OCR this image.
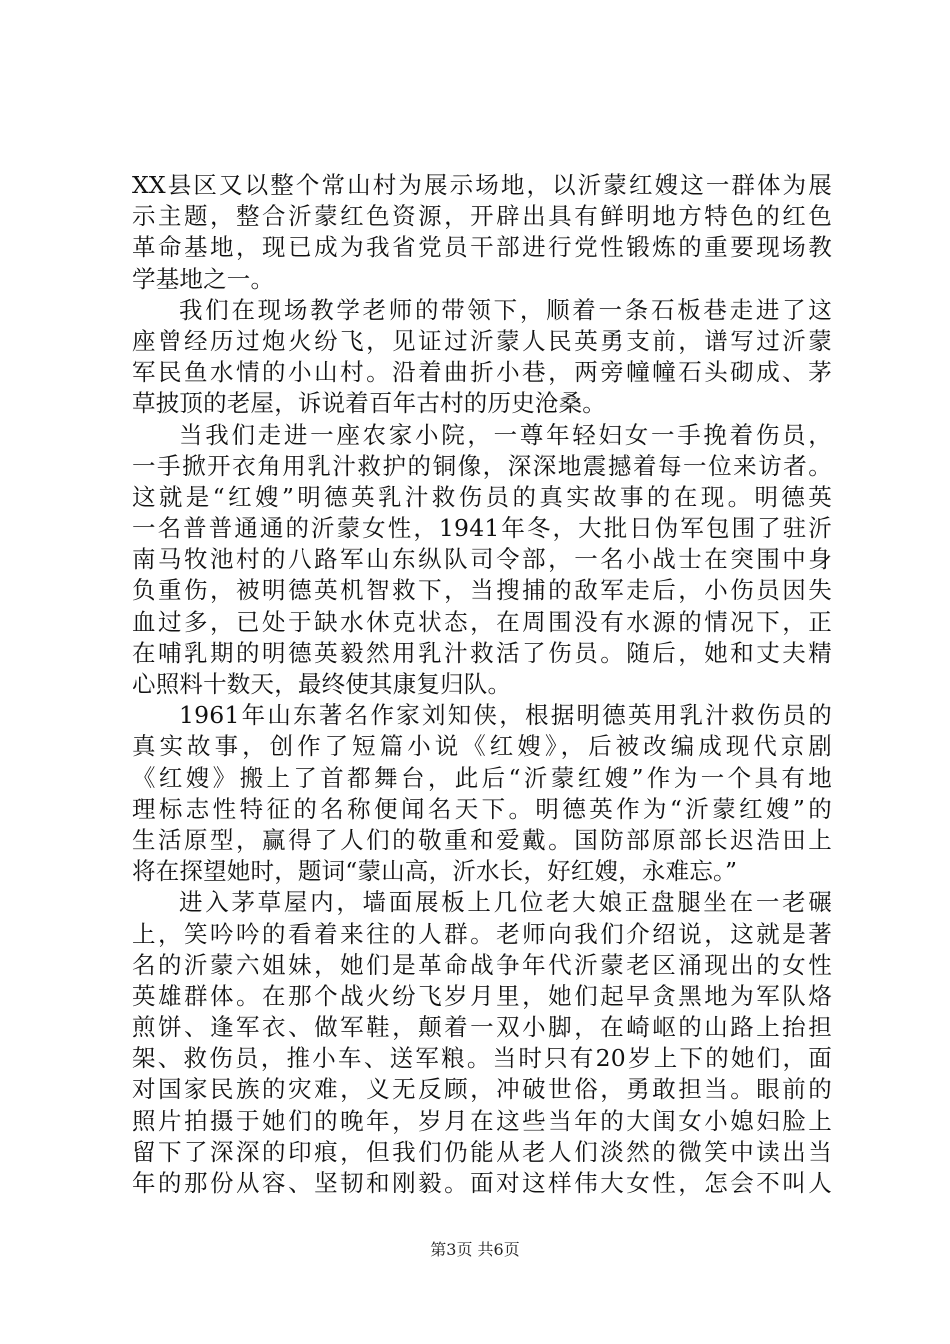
XX县区又以整个常山村为展示场地，以沂蒙红嫂这一群体为展
示主题，整合沂蒙红色资源，开辟出具有鲜明地方特色的红色
革命基地，现已成为我省党员干部进行党性锻炼的重要现场教
学基地之一。
我们在现场教学老师的带领下，顺着一条石板巷走进了这
座曾经历过炮火纷飞，见证过沂蒙人民英勇支前，谱写过沂蒙
军民鱼水情的小山村。沿着曲折小巷，两旁幢幢石头砌成、茅
草披顶的老屋，诉说着百年古村的历史沧桑。
当我们走进一座农家小院，一尊年轻妇女一手挽着伤员，
一手掀开衣角用乳汁救护的铜像，深深地震撼着每一位来访者。
这就是“红嫂”明德英乳汁救伤员的真实故事的在现。明德英
一名普普通通的沂蒙女性，1941年冬，大批日伪军包围了驻沂
南马牧池村的八路军山东纵队司令部，一名小战士在突围中身
负重伤，被明德英机智救下，当搜捕的敌军走后，小伤员因失
血过多，已处于缺水休克状态，在周围没有水源的情况下，正
在哺乳期的明德英毅然用乳汁救活了伤员。随后，她和丈夫精
心照料十数天，最终使其康复归队。
1961年山东著名作家刘知侠，根据明德英用乳汁救伤员的
真实故事，创作了短篇小说《红嫂》，后被改编成现代京剧
《红嫂》搬上了首都舞台，此后“沂蒙红嫂”作为一个具有地
理标志性特征的名称便闻名天下。明德英作为“沂蒙红嫂”的
生活原型，赢得了人们的敬重和爱戴。国防部原部长迟浩田上
将在探望她时，题词“蒙山高，沂水长，好红嫂，永难忘。”
进入茅草屋内，墙面展板上几位老大娘正盘腿坐在一老碾
上，笑吟吟的看着来往的人群。老师向我们介绍说，这就是著
名的沂蒙六姐妹，她们是革命战争年代沂蒙老区涌现出的女性
英雄群体。在那个战火纷飞岁月里，她们起早贪黑地为军队烙
煎饼、逢军衣、做军鞋，颠着一双小脚，在崎岖的山路上抬担
架、救伤员，推小车、送军粮。当时只有20岁上下的她们，面
对国家民族的灾难，义无反顾，冲破世俗，勇敢担当。眼前的
照片拍摄于她们的晚年，岁月在这些当年的大闺女小媳妇脸上
留下了深深的印痕，但我们仍能从老人们淡然的微笑中读出当
年的那份从容、坚韧和刚毅。面对这样伟大女性，怎会不叫人
第3页 共6页
